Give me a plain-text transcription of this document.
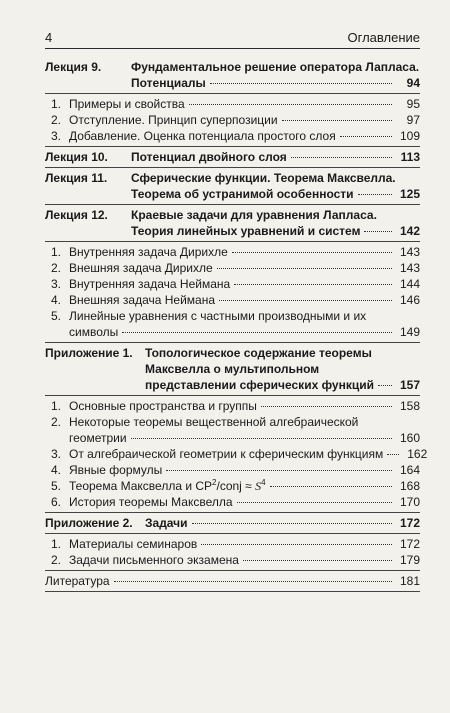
4	Оглавление
Лекция 9.	Фундаментальное решение оператора Лапласа.
Потенциалы	94
1. Примеры и свойства	95
2. Отступление. Принцип суперпозиции	97
3. Добавление. Оценка потенциала простого слоя	109
Лекция 10.	Потенциал двойного слоя	113
Лекция 11.	Сферические функции. Теорема Максвелла.
Теорема об устранимой особенности	125
Лекция 12.	Краевые задачи для уравнения Лапласа.
Теория линейных уравнений и систем	142
1. Внутренняя задача Дирихле	143
2. Внешняя задача Дирихле	143
3. Внутренняя задача Неймана	144
4. Внешняя задача Неймана	146
5. Линейные уравнения с частными производными и их
символы	149
Приложение 1.	Топологическое содержание теоремы
Максвелла о мультипольном
представлении сферических функций	157
1. Основные пространства и группы	158
2. Некоторые теоремы вещественной алгебраической
геометрии	160
3. От алгебраической геометрии к сферическим функциям	162
4. Явные формулы	164
5. Теорема Максвелла и $CP^2$/conj ≈ $S^4$	168
6. История теоремы Максвелла	170
Приложение 2.	Задачи	172
1. Материалы семинаров	172
2. Задачи письменного экзамена	179
Литература	181
